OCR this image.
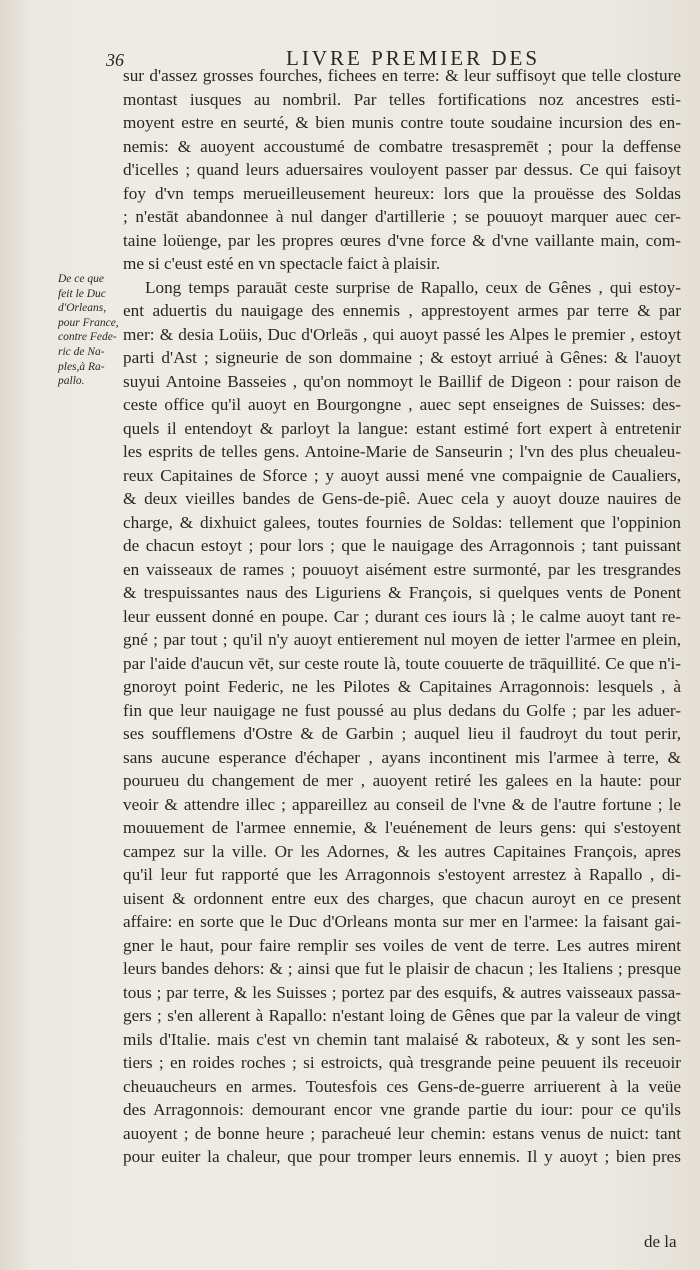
36	LIVRE PREMIER DES
De ce que
feit le Duc
d'Orleans,
pour France,
contre Fede-
ric de Na-
ples,à Ra-
pallo.
sur d'assez grosses fourches, fichees en terre: & leur suffisoyt que telle closture
montast iusques au nombril. Par telles fortifications noz ancestres esti-
moyent estre en seurté, & bien munis contre toute soudaine incursion des en-
nemis: & auoyent accoustumé de combatre tresaspremēt ; pour la deffense
d'icelles ; quand leurs aduersaires vouloyent passer par dessus. Ce qui faisoyt
foy d'vn temps merueilleusement heureux: lors que la prouësse des Soldas
; n'estāt abandonnee à nul danger d'artillerie ; se pouuoyt marquer auec cer-
taine loüenge, par les propres œures d'vne force & d'vne vaillante main, com-
me si c'eust esté en vn spectacle faict à plaisir.
Long temps parauāt ceste surprise de Rapallo, ceux de Gênes , qui estoy-
ent aduertis du nauigage des ennemis , apprestoyent armes par terre & par
mer: & desia Loüis, Duc d'Orleās , qui auoyt passé les Alpes le premier , estoyt
parti d'Ast ; signeurie de son dommaine ; & estoyt arriué à Gênes: & l'auoyt
suyui Antoine Basseies , qu'on nommoyt le Baillif de Digeon : pour raison de
ceste office qu'il auoyt en Bourgongne , auec sept enseignes de Suisses: des-
quels il entendoyt & parloyt la langue: estant estimé fort expert à entretenir
les esprits de telles gens. Antoine-Marie de Sanseurin ; l'vn des plus cheualeu-
reux Capitaines de Sforce ; y auoyt aussi mené vne compaignie de Caualiers,
& deux vieilles bandes de Gens-de-piê. Auec cela y auoyt douze nauires de
charge, & dixhuict galees, toutes fournies de Soldas: tellement que l'oppinion
de chacun estoyt ; pour lors ; que le nauigage des Arragonnois ; tant puissant
en vaisseaux de rames ; pouuoyt aisément estre surmonté, par les tresgrandes
& trespuissantes naus des Liguriens & François, si quelques vents de Ponent
leur eussent donné en poupe. Car ; durant ces iours là ; le calme auoyt tant re-
gné ; par tout ; qu'il n'y auoyt entierement nul moyen de ietter l'armee en plein,
par l'aide d'aucun vēt, sur ceste route là, toute couuerte de trāquillité. Ce que n'i-
gnoroyt point Federic, ne les Pilotes & Capitaines Arragonnois: lesquels , à
fin que leur nauigage ne fust poussé au plus dedans du Golfe ; par les aduer-
ses soufflemens d'Ostre & de Garbin ; auquel lieu il faudroyt du tout perir,
sans aucune esperance d'échaper , ayans incontinent mis l'armee à terre, &
pourueu du changement de mer , auoyent retiré les galees en la haute: pour
veoir & attendre illec ; appareillez au conseil de l'vne & de l'autre fortune ; le
mouuement de l'armee ennemie, & l'euénement de leurs gens: qui s'estoyent
campez sur la ville. Or les Adornes, & les autres Capitaines François, apres
qu'il leur fut rapporté que les Arragonnois s'estoyent arrestez à Rapallo , di-
uisent & ordonnent entre eux des charges, que chacun auroyt en ce present
affaire: en sorte que le Duc d'Orleans monta sur mer en l'armee: la faisant gai-
gner le haut, pour faire remplir ses voiles de vent de terre. Les autres mirent
leurs bandes dehors: & ; ainsi que fut le plaisir de chacun ; les Italiens ; presque
tous ; par terre, & les Suisses ; portez par des esquifs, & autres vaisseaux passa-
gers ; s'en allerent à Rapallo: n'estant loing de Gênes que par la valeur de vingt
mils d'Italie. mais c'est vn chemin tant malaisé & raboteux, & y sont les sen-
tiers ; en roides roches ; si estroicts, quà tresgrande peine peuuent ils receuoir
cheuaucheurs en armes. Toutesfois ces Gens-de-guerre arriuerent à la veüe
des Arragonnois: demourant encor vne grande partie du iour: pour ce qu'ils
auoyent ; de bonne heure ; paracheué leur chemin: estans venus de nuict: tant
pour euiter la chaleur, que pour tromper leurs ennemis. Il y auoyt ; bien pres
de la
